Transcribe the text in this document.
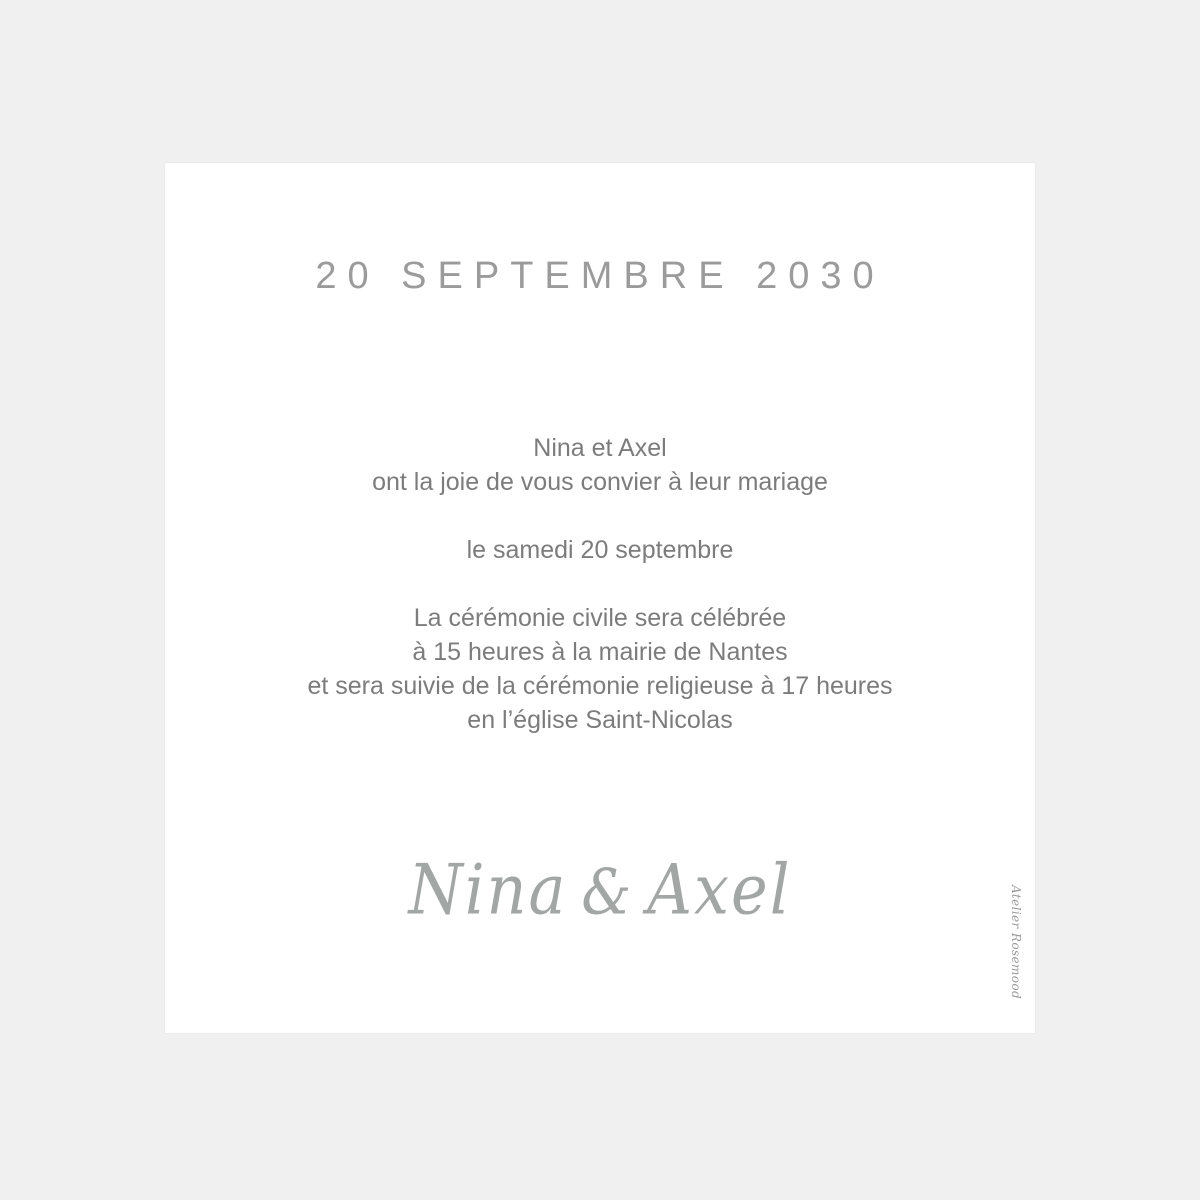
20 SEPTEMBRE 2030

Nina et Axel

ont la joie de vous convier à leur mariage

le samedi 20 septembre

La cérémonie civile sera célébrée

à 15 heures à la mairie de Nantes

et sera suivie de la cérémonie religieuse à 17 heures

en l’église Saint-Nicolas

Nina & Axel	Atelier Rosemood
